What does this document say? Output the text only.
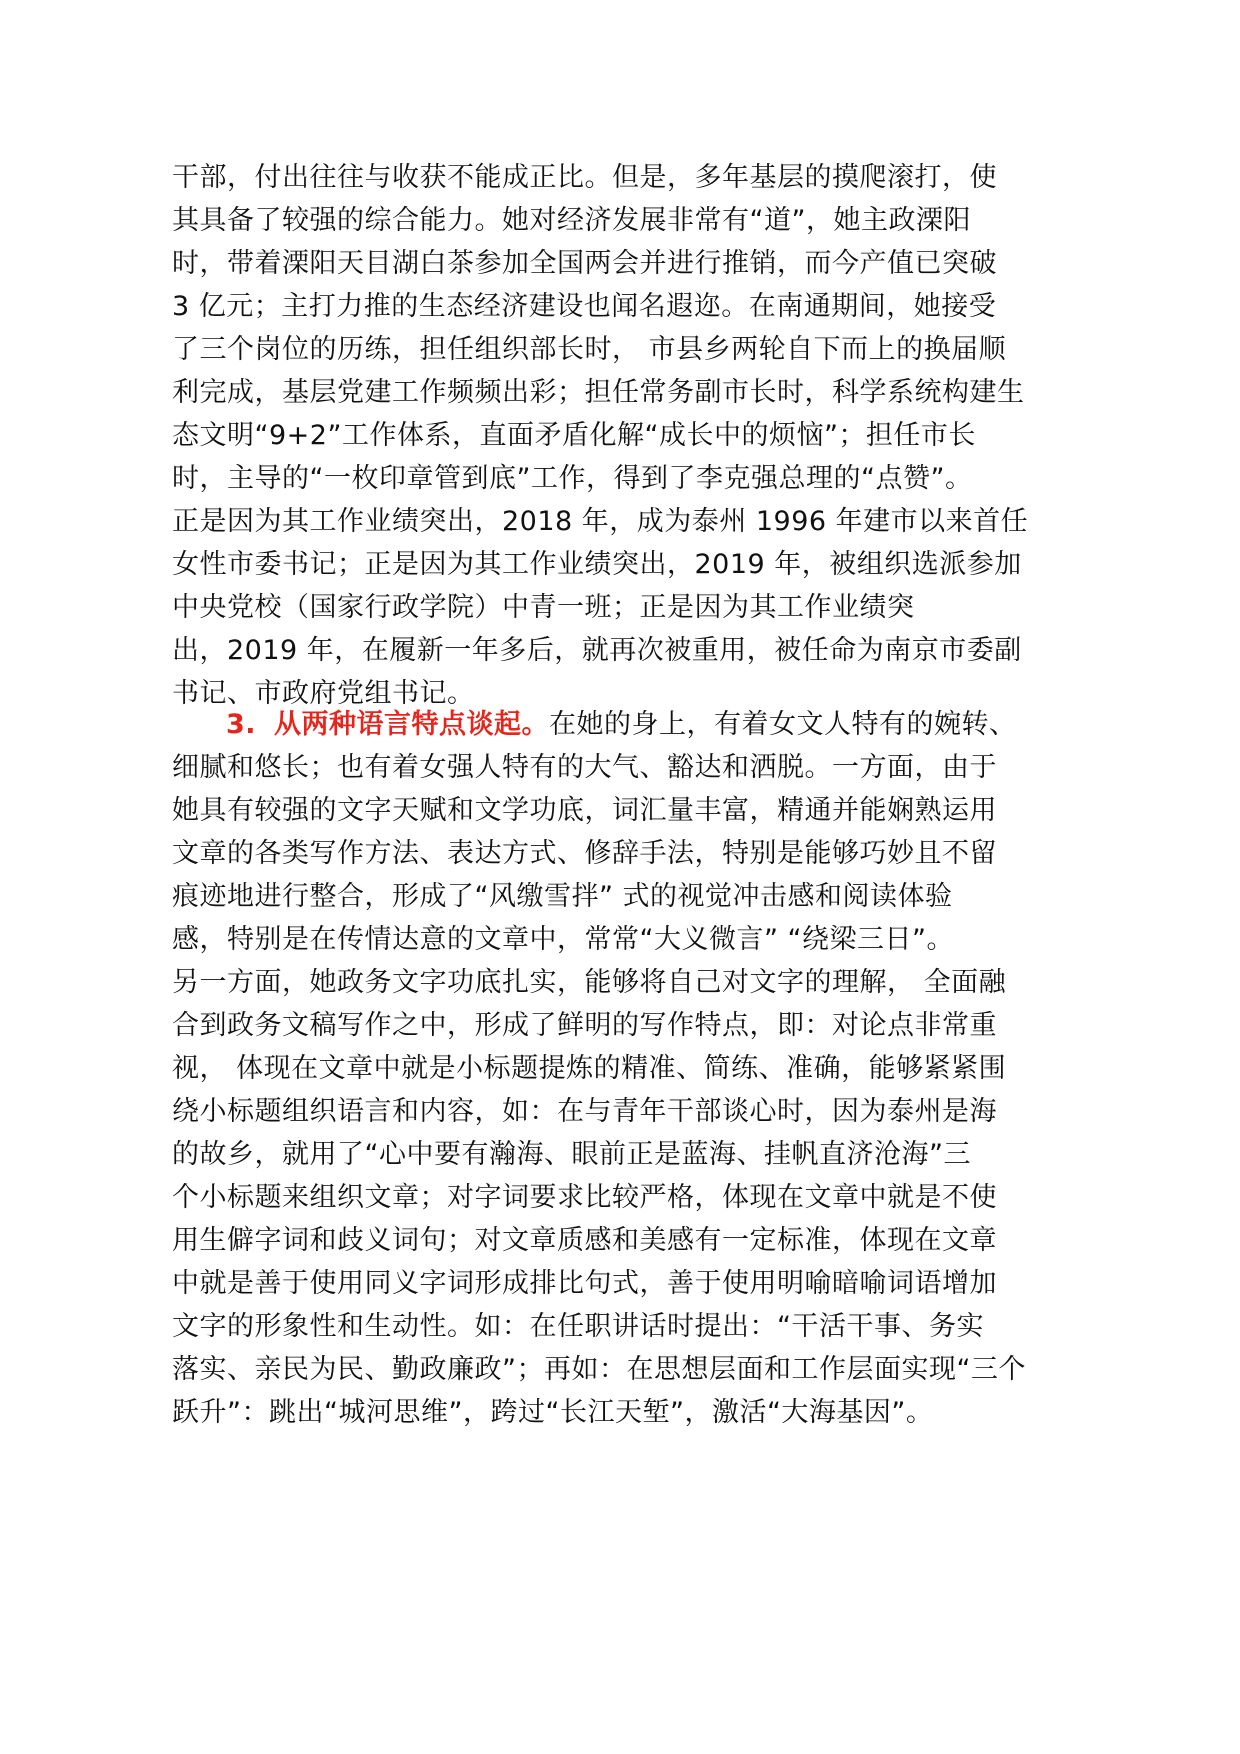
干部，付出往往与收获不能成正比。但是，多年基层的摸爬滚打，使
其具备了较强的综合能力。她对经济发展非常有“道”，她主政溧阳
时，带着溧阳天目湖白茶参加全国两会并进行推销，而今产值已突破
3 亿元；主打力推的生态经济建设也闻名遐迩。在南通期间，她接受
了三个岗位的历练，担任组织部长时， 市县乡两轮自下而上的换届顺
利完成，基层党建工作频频出彩；担任常务副市长时，科学系统构建生
态文明“9+2”工作体系，直面矛盾化解“成长中的烦恼”；担任市长
时，主导的“一枚印章管到底”工作，得到了李克强总理的“点赞”。
正是因为其工作业绩突出，2018 年，成为泰州 1996 年建市以来首任
女性市委书记；正是因为其工作业绩突出，2019 年，被组织选派参加
中央党校（国家行政学院）中青一班；正是因为其工作业绩突
出，2019 年，在履新一年多后，就再次被重用，被任命为南京市委副
书记、市政府党组书记。
3. 从两种语言特点谈起。在她的身上，有着女文人特有的婉转、
细腻和悠长；也有着女强人特有的大气、豁达和洒脱。一方面，由于
她具有较强的文字天赋和文学功底，词汇量丰富，精通并能娴熟运用
文章的各类写作方法、表达方式、修辞手法，特别是能够巧妙且不留
痕迹地进行整合，形成了“风缴雪拌” 式的视觉冲击感和阅读体验
感，特别是在传情达意的文章中，常常“大义微言” “绕梁三日”。
另一方面，她政务文字功底扎实，能够将自己对文字的理解， 全面融
合到政务文稿写作之中，形成了鲜明的写作特点，即：对论点非常重
视， 体现在文章中就是小标题提炼的精准、简练、准确，能够紧紧围
绕小标题组织语言和内容，如：在与青年干部谈心时，因为泰州是海
的故乡，就用了“心中要有瀚海、眼前正是蓝海、挂帆直济沧海”三
个小标题来组织文章；对字词要求比较严格，体现在文章中就是不使
用生僻字词和歧义词句；对文章质感和美感有一定标准，体现在文章
中就是善于使用同义字词形成排比句式，善于使用明喻暗喻词语增加
文字的形象性和生动性。如：在任职讲话时提出：“干活干事、务实
落实、亲民为民、勤政廉政”；再如：在思想层面和工作层面实现“三个
跃升”：跳出“城河思维”，跨过“长江天堑”，激活“大海基因”。
